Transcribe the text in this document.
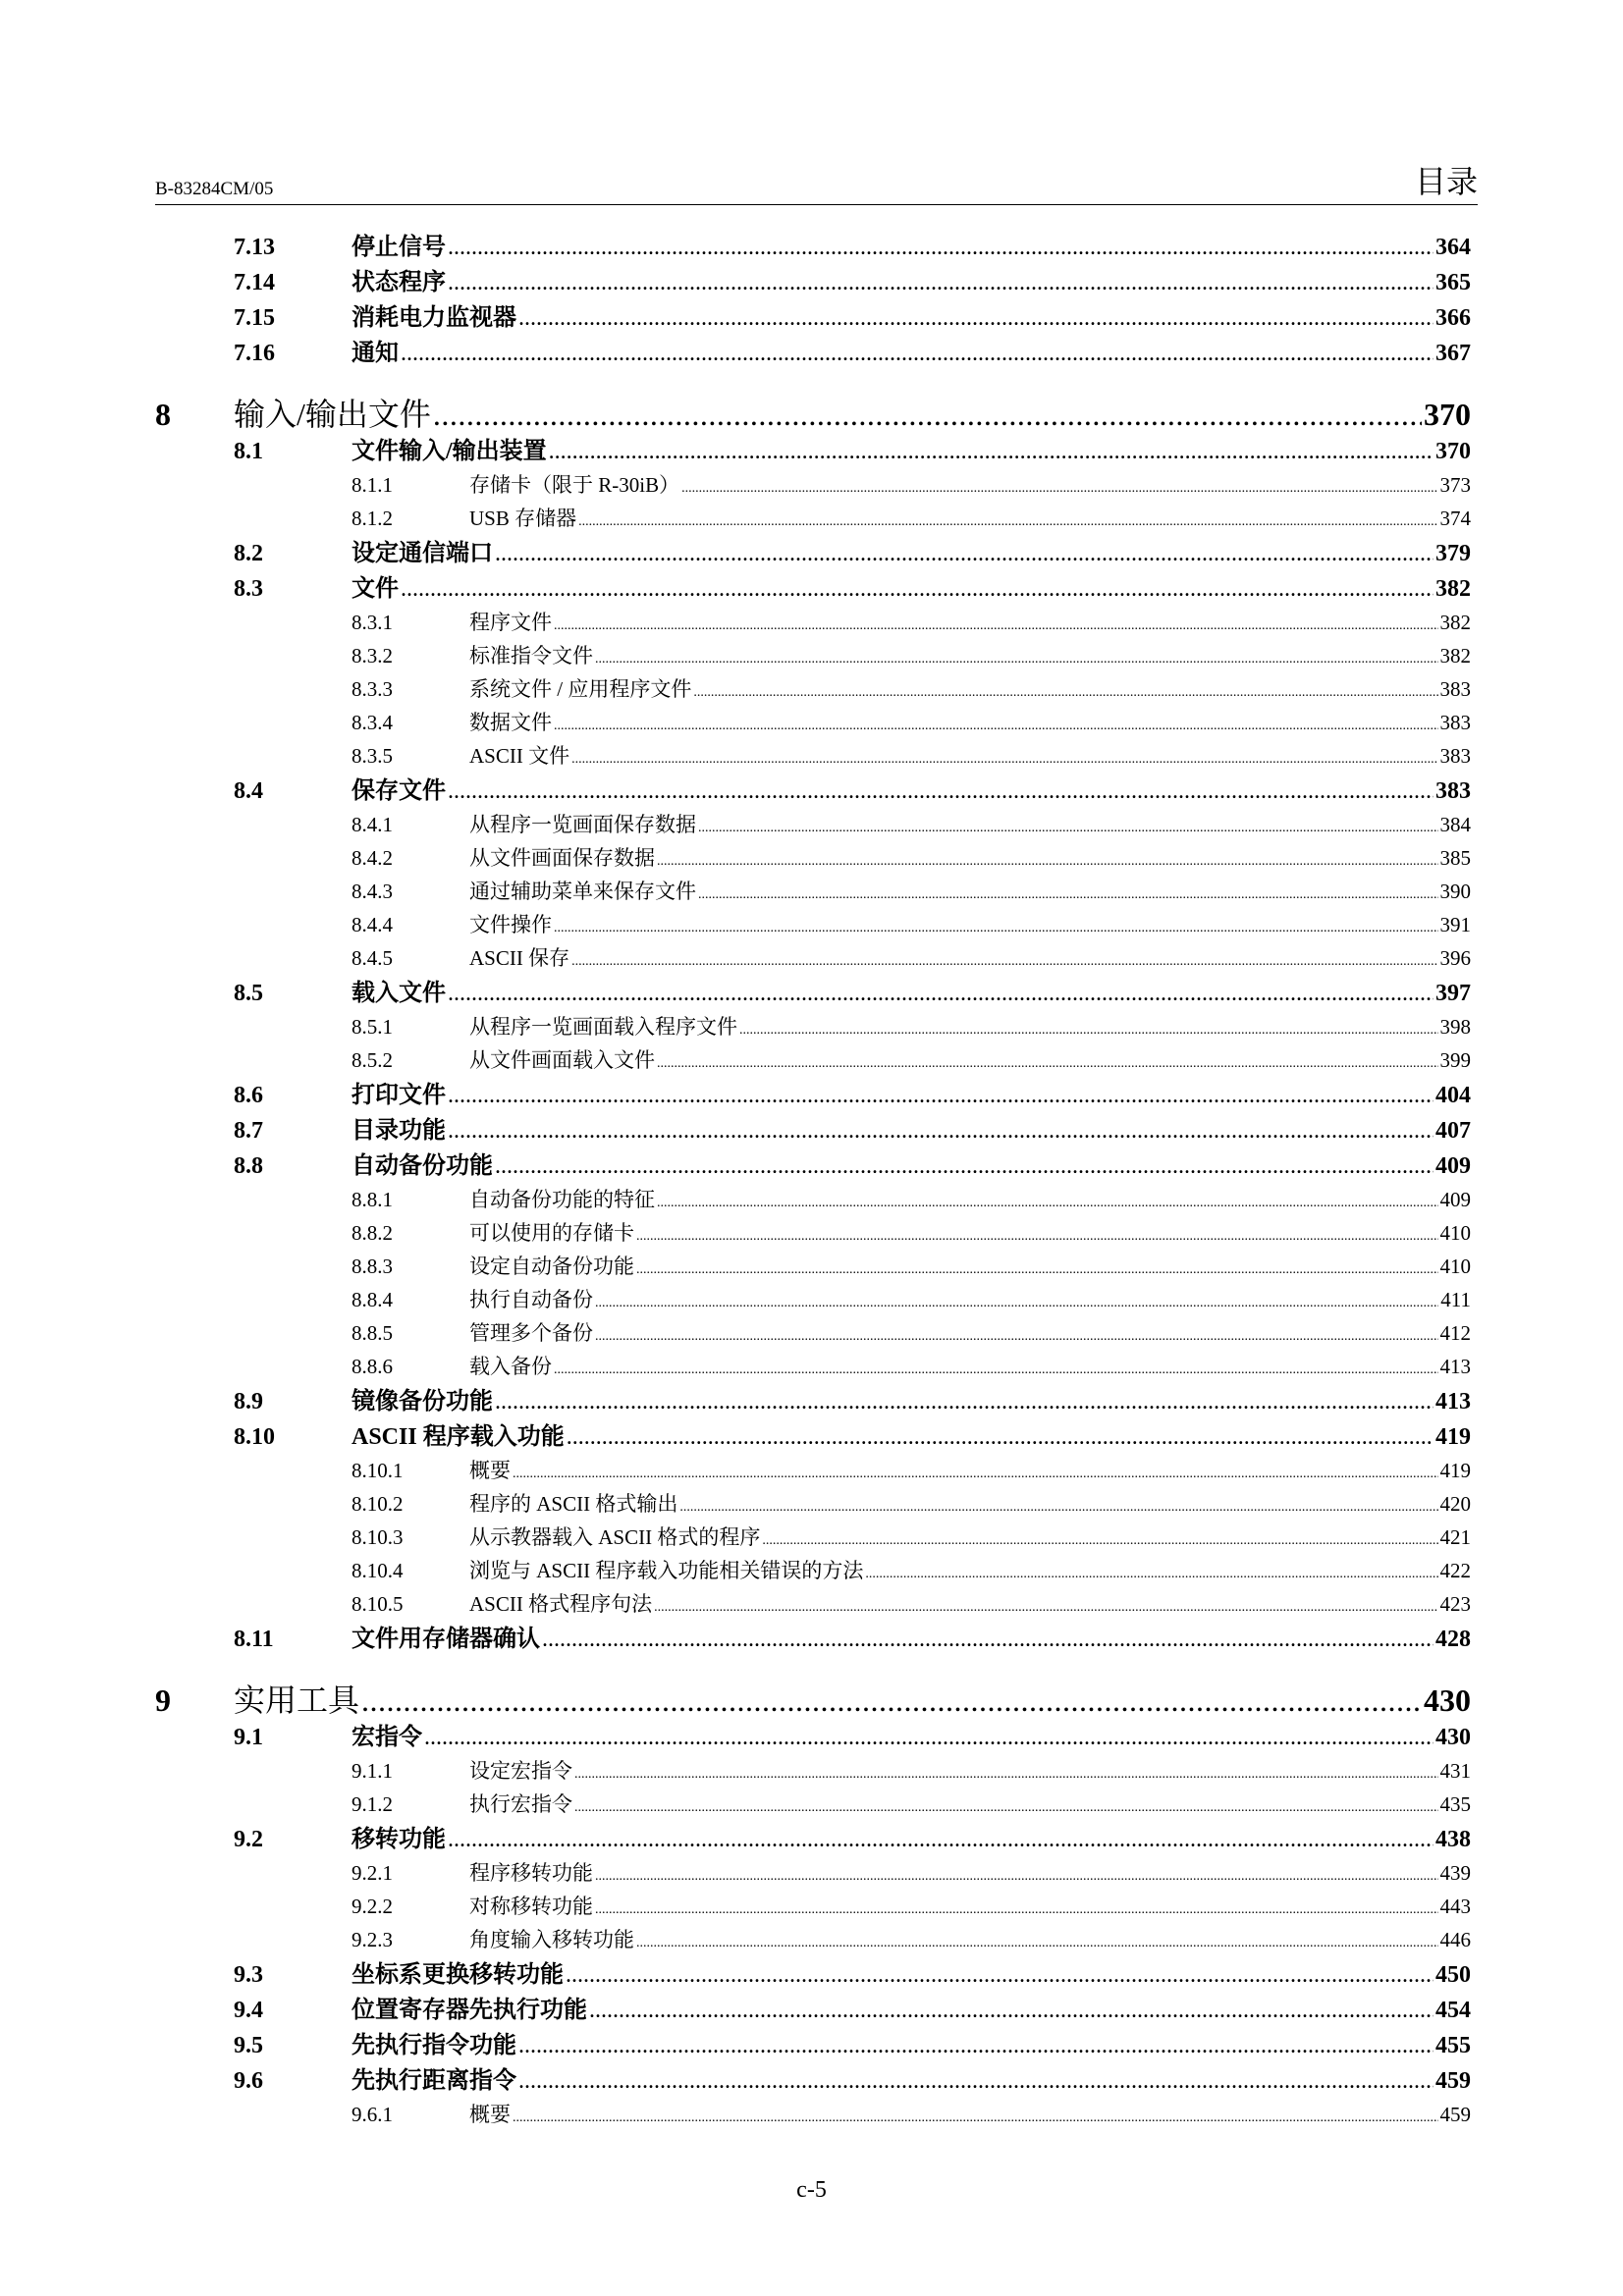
B-83284CM/05	目录
7.13	停止信号 .....	364
7.14	状态程序 .....	365
7.15	消耗电力监视器 .....	366
7.16	通知 .....	367
8	输入/输出文件 .....	370
8.1	文件输入/输出装置 .....	370
8.1.1	存储卡（限于 R-30iB） .....	373
8.1.2	USB 存储器 .....	374
8.2	设定通信端口 .....	379
8.3	文件 .....	382
8.3.1	程序文件 .....	382
8.3.2	标准指令文件 .....	382
8.3.3	系统文件 / 应用程序文件 .....	383
8.3.4	数据文件 .....	383
8.3.5	ASCII 文件 .....	383
8.4	保存文件 .....	383
8.4.1	从程序一览画面保存数据 .....	384
8.4.2	从文件画面保存数据 .....	385
8.4.3	通过辅助菜单来保存文件 .....	390
8.4.4	文件操作 .....	391
8.4.5	ASCII 保存 .....	396
8.5	载入文件 .....	397
8.5.1	从程序一览画面载入程序文件 .....	398
8.5.2	从文件画面载入文件 .....	399
8.6	打印文件 .....	404
8.7	目录功能 .....	407
8.8	自动备份功能 .....	409
8.8.1	自动备份功能的特征 .....	409
8.8.2	可以使用的存储卡 .....	410
8.8.3	设定自动备份功能 .....	410
8.8.4	执行自动备份 .....	411
8.8.5	管理多个备份 .....	412
8.8.6	载入备份 .....	413
8.9	镜像备份功能 .....	413
8.10	ASCII 程序载入功能 .....	419
8.10.1	概要 .....	419
8.10.2	程序的 ASCII 格式输出 .....	420
8.10.3	从示教器载入 ASCII 格式的程序 .....	421
8.10.4	浏览与 ASCII 程序载入功能相关错误的方法 .....	422
8.10.5	ASCII 格式程序句法 .....	423
8.11	文件用存储器确认 .....	428
9	实用工具 .....	430
9.1	宏指令 .....	430
9.1.1	设定宏指令 .....	431
9.1.2	执行宏指令 .....	435
9.2	移转功能 .....	438
9.2.1	程序移转功能 .....	439
9.2.2	对称移转功能 .....	443
9.2.3	角度输入移转功能 .....	446
9.3	坐标系更换移转功能 .....	450
9.4	位置寄存器先执行功能 .....	454
9.5	先执行指令功能 .....	455
9.6	先执行距离指令 .....	459
9.6.1	概要 .....	459
c-5
